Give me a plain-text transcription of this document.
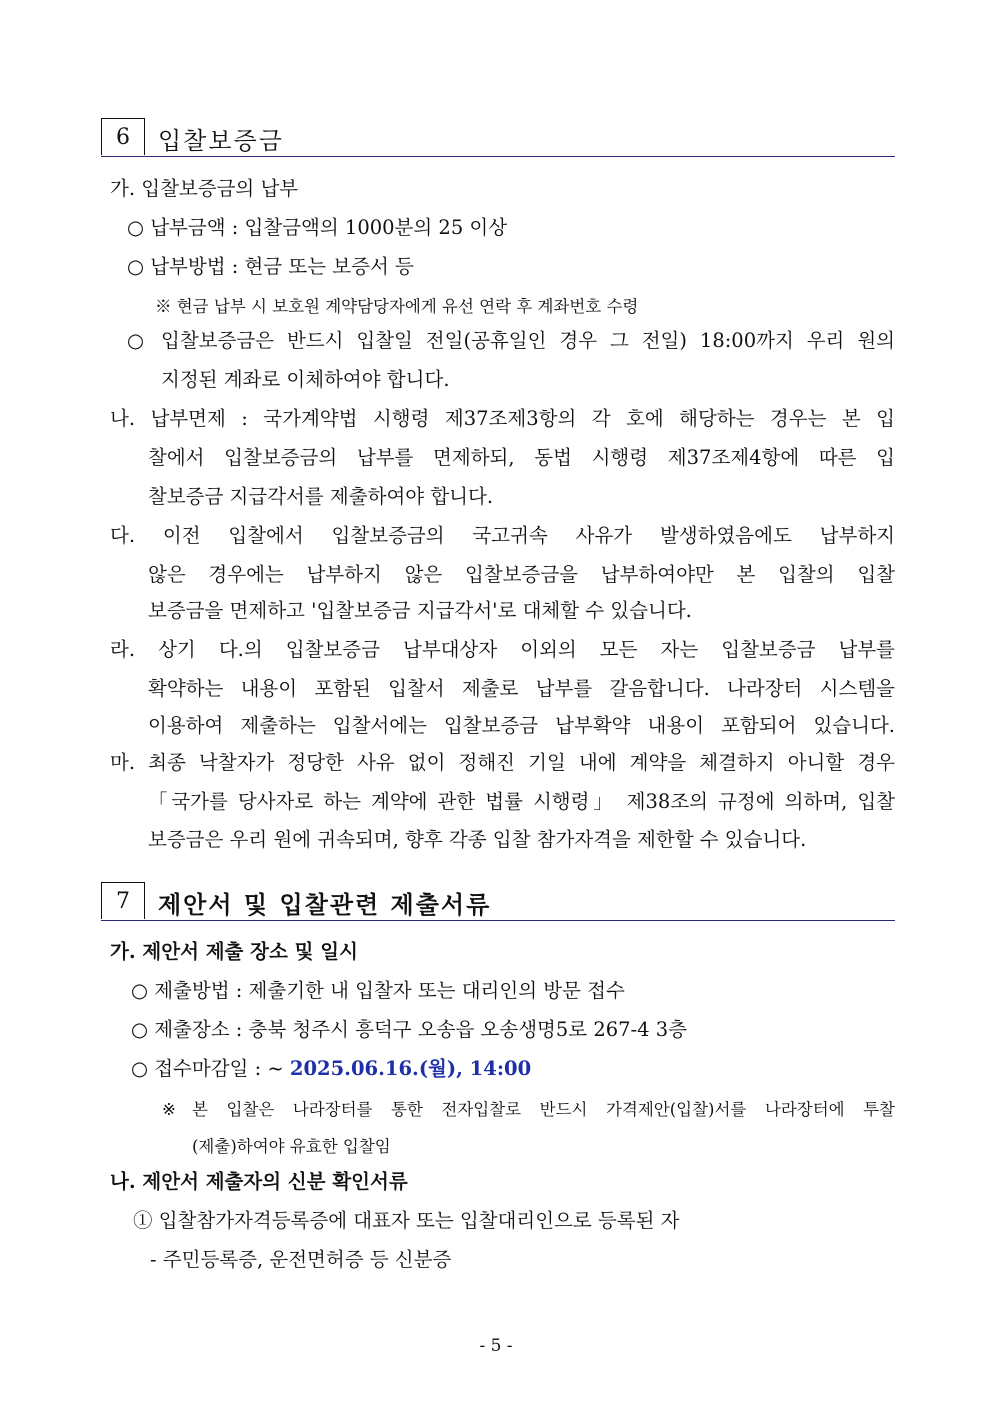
6	입찰보증금
가. 입찰보증금의 납부
○ 납부금액 : 입찰금액의 1000분의 25 이상
○ 납부방법 : 현금 또는 보증서 등
※ 현금 납부 시 보호원 계약담당자에게 유선 연락 후 계좌번호 수령
○ 입찰보증금은 반드시 입찰일 전일(공휴일인 경우 그 전일) 18:00까지 우리 원의
지정된 계좌로 이체하여야 합니다.
나. 납부면제 : 국가계약법 시행령 제37조제3항의 각 호에 해당하는 경우는 본 입
찰에서 입찰보증금의 납부를 면제하되, 동법 시행령 제37조제4항에 따른 입
찰보증금 지급각서를 제출하여야 합니다.
다. 이전 입찰에서 입찰보증금의 국고귀속 사유가 발생하였음에도 납부하지
않은 경우에는 납부하지 않은 입찰보증금을 납부하여야만 본 입찰의 입찰
보증금을 면제하고 '입찰보증금 지급각서'로 대체할 수 있습니다.
라. 상기 다.의 입찰보증금 납부대상자 이외의 모든 자는 입찰보증금 납부를
확약하는 내용이 포함된 입찰서 제출로 납부를 갈음합니다. 나라장터 시스템을
이용하여 제출하는 입찰서에는 입찰보증금 납부확약 내용이 포함되어 있습니다.
마. 최종 낙찰자가 정당한 사유 없이 정해진 기일 내에 계약을 체결하지 아니할 경우
「국가를 당사자로 하는 계약에 관한 법률 시행령」 제38조의 규정에 의하며, 입찰
보증금은 우리 원에 귀속되며, 향후 각종 입찰 참가자격을 제한할 수 있습니다.
7	제안서 및 입찰관련 제출서류
가. 제안서 제출 장소 및 일시
○ 제출방법 : 제출기한 내 입찰자 또는 대리인의 방문 접수
○ 제출장소 : 충북 청주시 흥덕구 오송읍 오송생명5로 267-4 3층
○ 접수마감일 : ~ 2025.06.16.(월), 14:00
※ 본 입찰은 나라장터를 통한 전자입찰로 반드시 가격제안(입찰)서를 나라장터에 투찰
(제출)하여야 유효한 입찰임
나. 제안서 제출자의 신분 확인서류
① 입찰참가자격등록증에 대표자 또는 입찰대리인으로 등록된 자
- 주민등록증, 운전면허증 등 신분증
- 5 -
